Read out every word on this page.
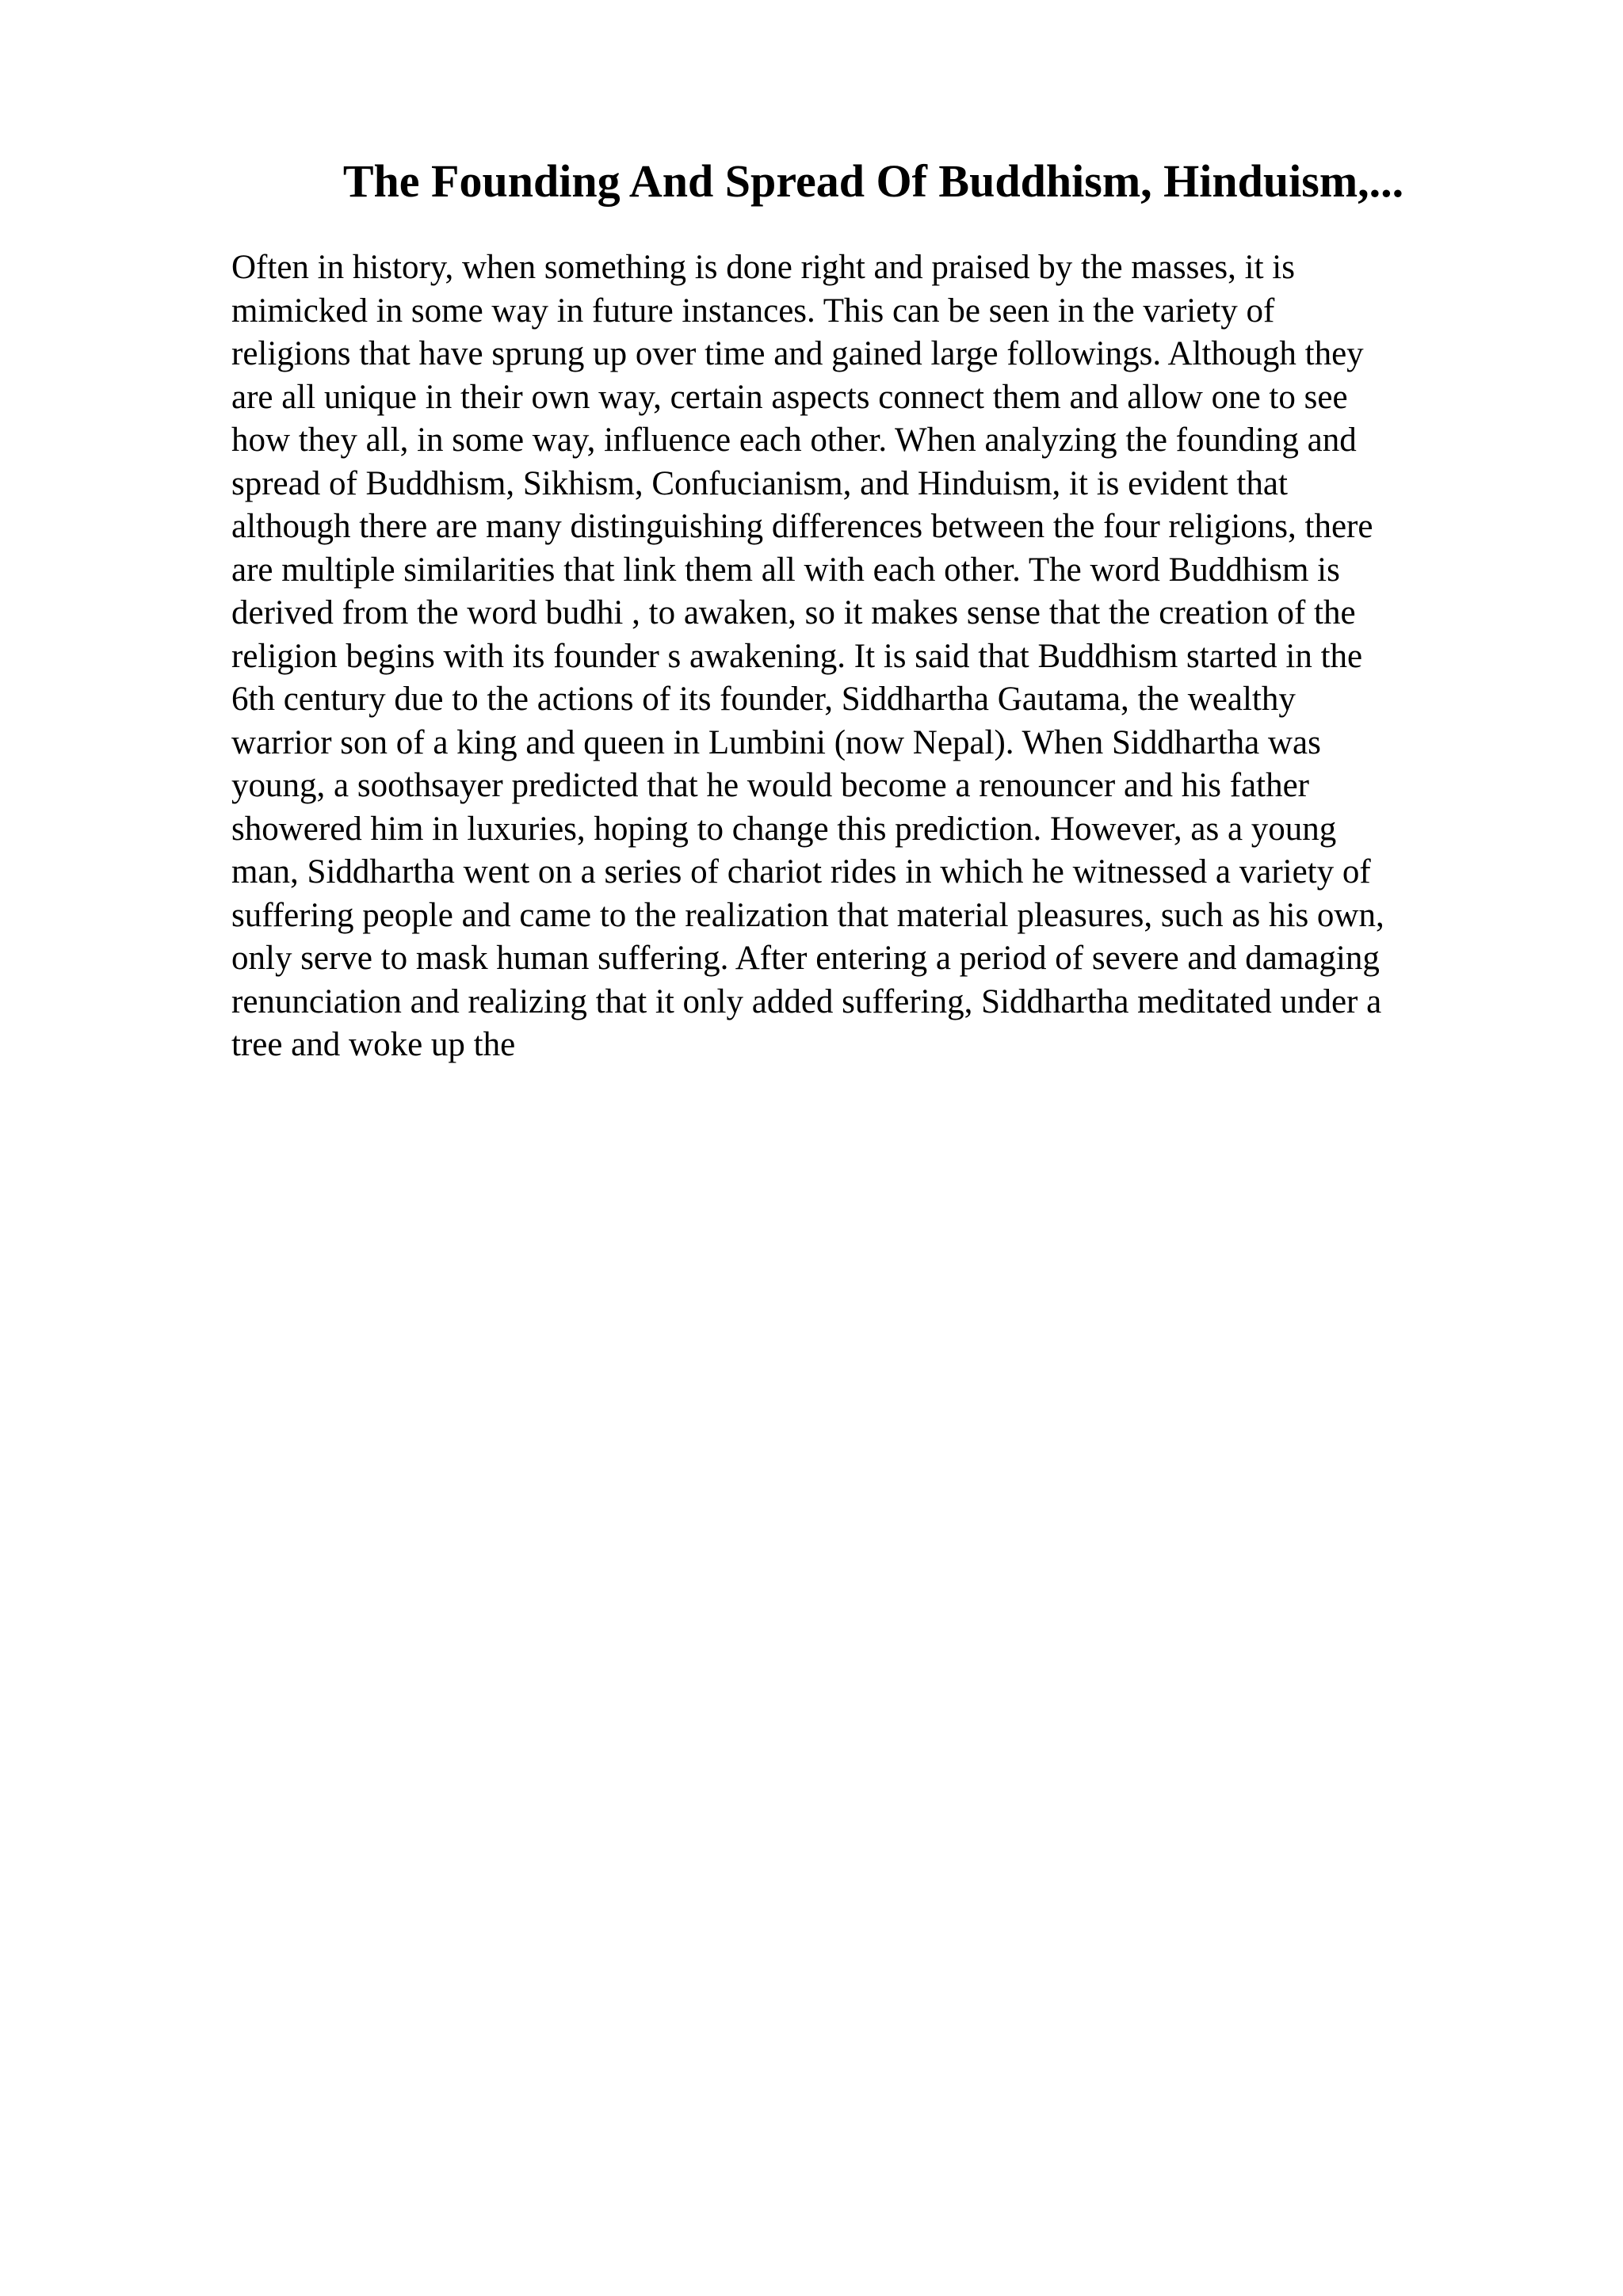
The Founding And Spread Of Buddhism, Hinduism,...
Often in history, when something is done right and praised by the masses, it is
mimicked in some way in future instances. This can be seen in the variety of
religions that have sprung up over time and gained large followings. Although they
are all unique in their own way, certain aspects connect them and allow one to see
how they all, in some way, influence each other. When analyzing the founding and
spread of Buddhism, Sikhism, Confucianism, and Hinduism, it is evident that
although there are many distinguishing differences between the four religions, there
are multiple similarities that link them all with each other. The word Buddhism is
derived from the word budhi , to awaken, so it makes sense that the creation of the
religion begins with its founder s awakening. It is said that Buddhism started in the
6th century due to the actions of its founder, Siddhartha Gautama, the wealthy
warrior son of a king and queen in Lumbini (now Nepal). When Siddhartha was
young, a soothsayer predicted that he would become a renouncer and his father
showered him in luxuries, hoping to change this prediction. However, as a young
man, Siddhartha went on a series of chariot rides in which he witnessed a variety of
suffering people and came to the realization that material pleasures, such as his own,
only serve to mask human suffering. After entering a period of severe and damaging
renunciation and realizing that it only added suffering, Siddhartha meditated under a
tree and woke up the
